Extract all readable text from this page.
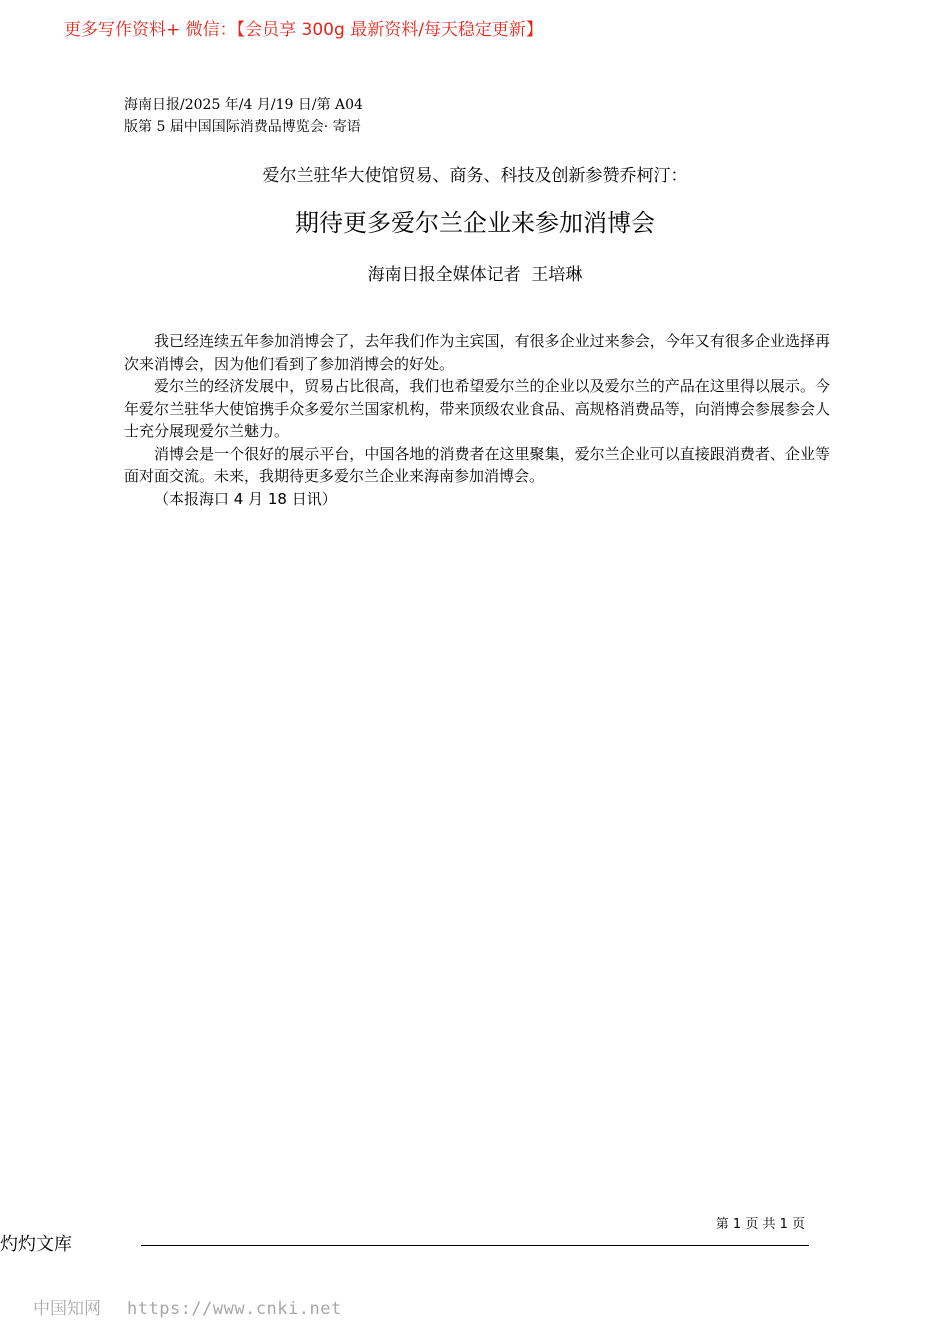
更多写作资料+ 微信：【会员享 300g 最新资料/每天稳定更新】
海南日报/2025 年/4 月/19 日/第 A04
版第 5 届中国国际消费品博览会· 寄语
爱尔兰驻华大使馆贸易、商务、科技及创新参赞乔柯汀：
期待更多爱尔兰企业来参加消博会
海南日报全媒体记者  王培琳

我已经连续五年参加消博会了，去年我们作为主宾国，有很多企业过来参会，今年又有很多企业选择再次来消博会，因为他们看到了参加消博会的好处。

爱尔兰的经济发展中，贸易占比很高，我们也希望爱尔兰的企业以及爱尔兰的产品在这里得以展示。今年爱尔兰驻华大使馆携手众多爱尔兰国家机构，带来顶级农业食品、高规格消费品等，向消博会参展参会人士充分展现爱尔兰魅力。

消博会是一个很好的展示平台，中国各地的消费者在这里聚集，爱尔兰企业可以直接跟消费者、企业等面对面交流。未来，我期待更多爱尔兰企业来海南参加消博会。

（本报海口 4 月 18 日讯）

第 1 页 共 1 页
灼灼文库
中国知网 https://www.cnki.net
